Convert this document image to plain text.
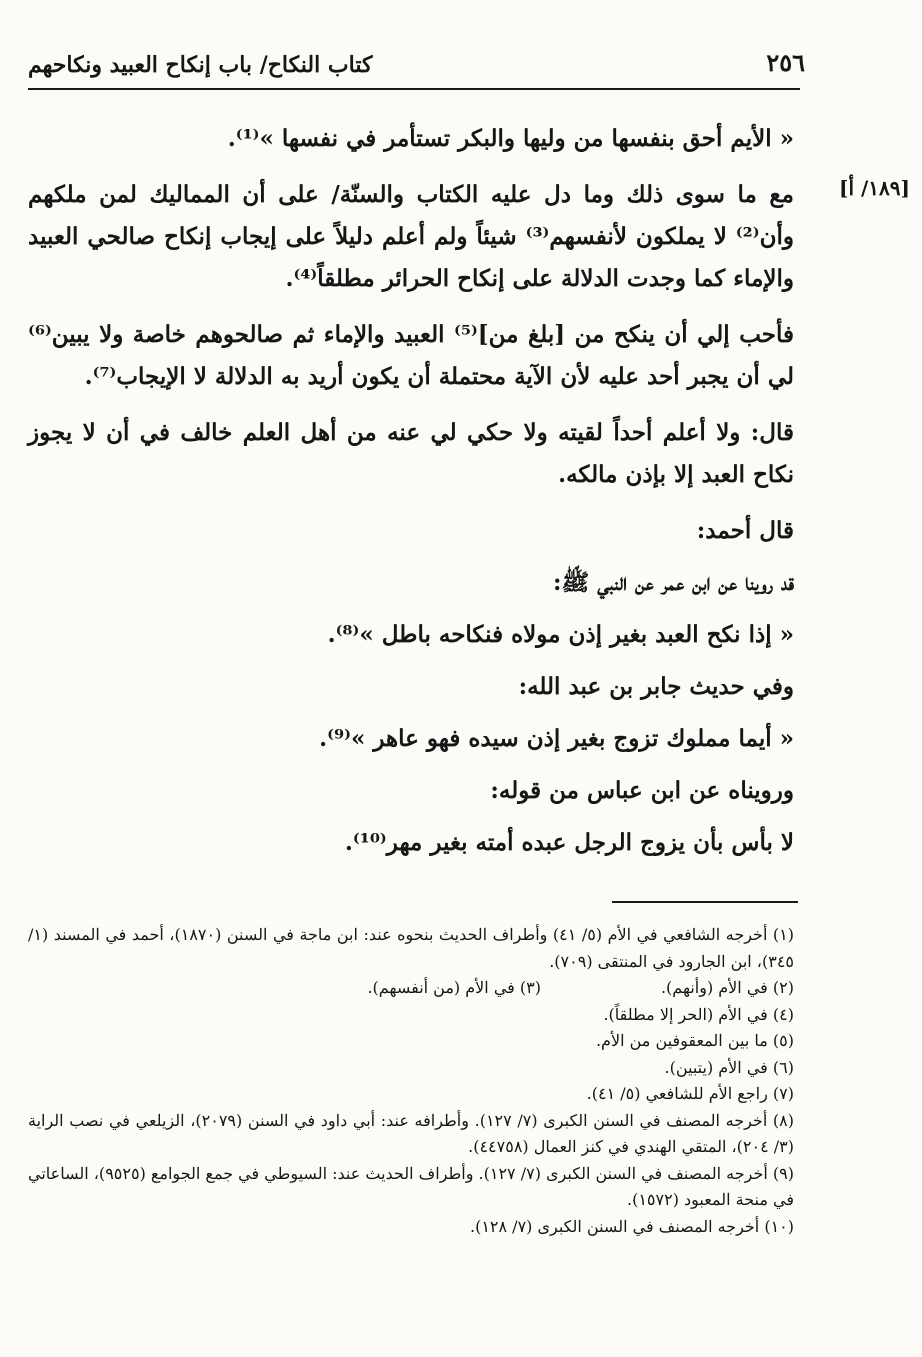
٢٥٦
كتاب النكاح/ باب إنكاح العبيد ونكاحهم
[١٨٩/ أ]

« الأيم أحق بنفسها من وليها والبكر تستأمر في نفسها »⁽¹⁾.

مع ما سوى ذلك وما دل عليه الكتاب والسنّة/ على أن المماليك لمن ملكهم وأن⁽²⁾ لا يملكون لأنفسهم⁽³⁾ شيئاً ولم أعلم دليلاً على إيجاب إنكاح صالحي العبيد والإماء كما وجدت الدلالة على إنكاح الحرائر مطلقاً⁽⁴⁾.

فأحب إلي أن ينكح من [بلغ من]⁽⁵⁾ العبيد والإماء ثم صالحوهم خاصة ولا يبين⁽⁶⁾ لي أن يجبر أحد عليه لأن الآية محتملة أن يكون أريد به الدلالة لا الإيجاب⁽⁷⁾.

قال: ولا أعلم أحداً لقيته ولا حكي لي عنه من أهل العلم خالف في أن لا يجوز نكاح العبد إلا بإذن مالكه.

قال أحمد:

قد روينا عن ابن عمر عن النبي ﷺ:

« إذا نكح العبد بغير إذن مولاه فنكاحه باطل »⁽⁸⁾.

وفي حديث جابر بن عبد الله:

« أيما مملوك تزوج بغير إذن سيده فهو عاهر »⁽⁹⁾.

ورويناه عن ابن عباس من قوله:

لا بأس بأن يزوج الرجل عبده أمته بغير مهر⁽¹⁰⁾.

(١) أخرجه الشافعي في الأم (٥/ ٤١) وأطراف الحديث بنحوه عند: ابن ماجة في السنن (١٨٧٠)، أحمد في المسند (١/ ٣٤٥)، ابن الجارود في المنتقى (٧٠٩).

(٢) في الأم (وأنهم).

(٣) في الأم (من أنفسهم).

(٤) في الأم (الحر إلا مطلقاً).

(٥) ما بين المعقوفين من الأم.

(٦) في الأم (يتبين).

(٧) راجع الأم للشافعي (٥/ ٤١).

(٨) أخرجه المصنف في السنن الكبرى (٧/ ١٢٧). وأطرافه عند: أبي داود في السنن (٢٠٧٩)، الزيلعي في نصب الراية (٣/ ٢٠٤)، المتقي الهندي في كنز العمال (٤٤٧٥٨).

(٩) أخرجه المصنف في السنن الكبرى (٧/ ١٢٧). وأطراف الحديث عند: السيوطي في جمع الجوامع (٩٥٢٥)، الساعاتي في منحة المعبود (١٥٧٢).

(١٠) أخرجه المصنف في السنن الكبرى (٧/ ١٢٨).
